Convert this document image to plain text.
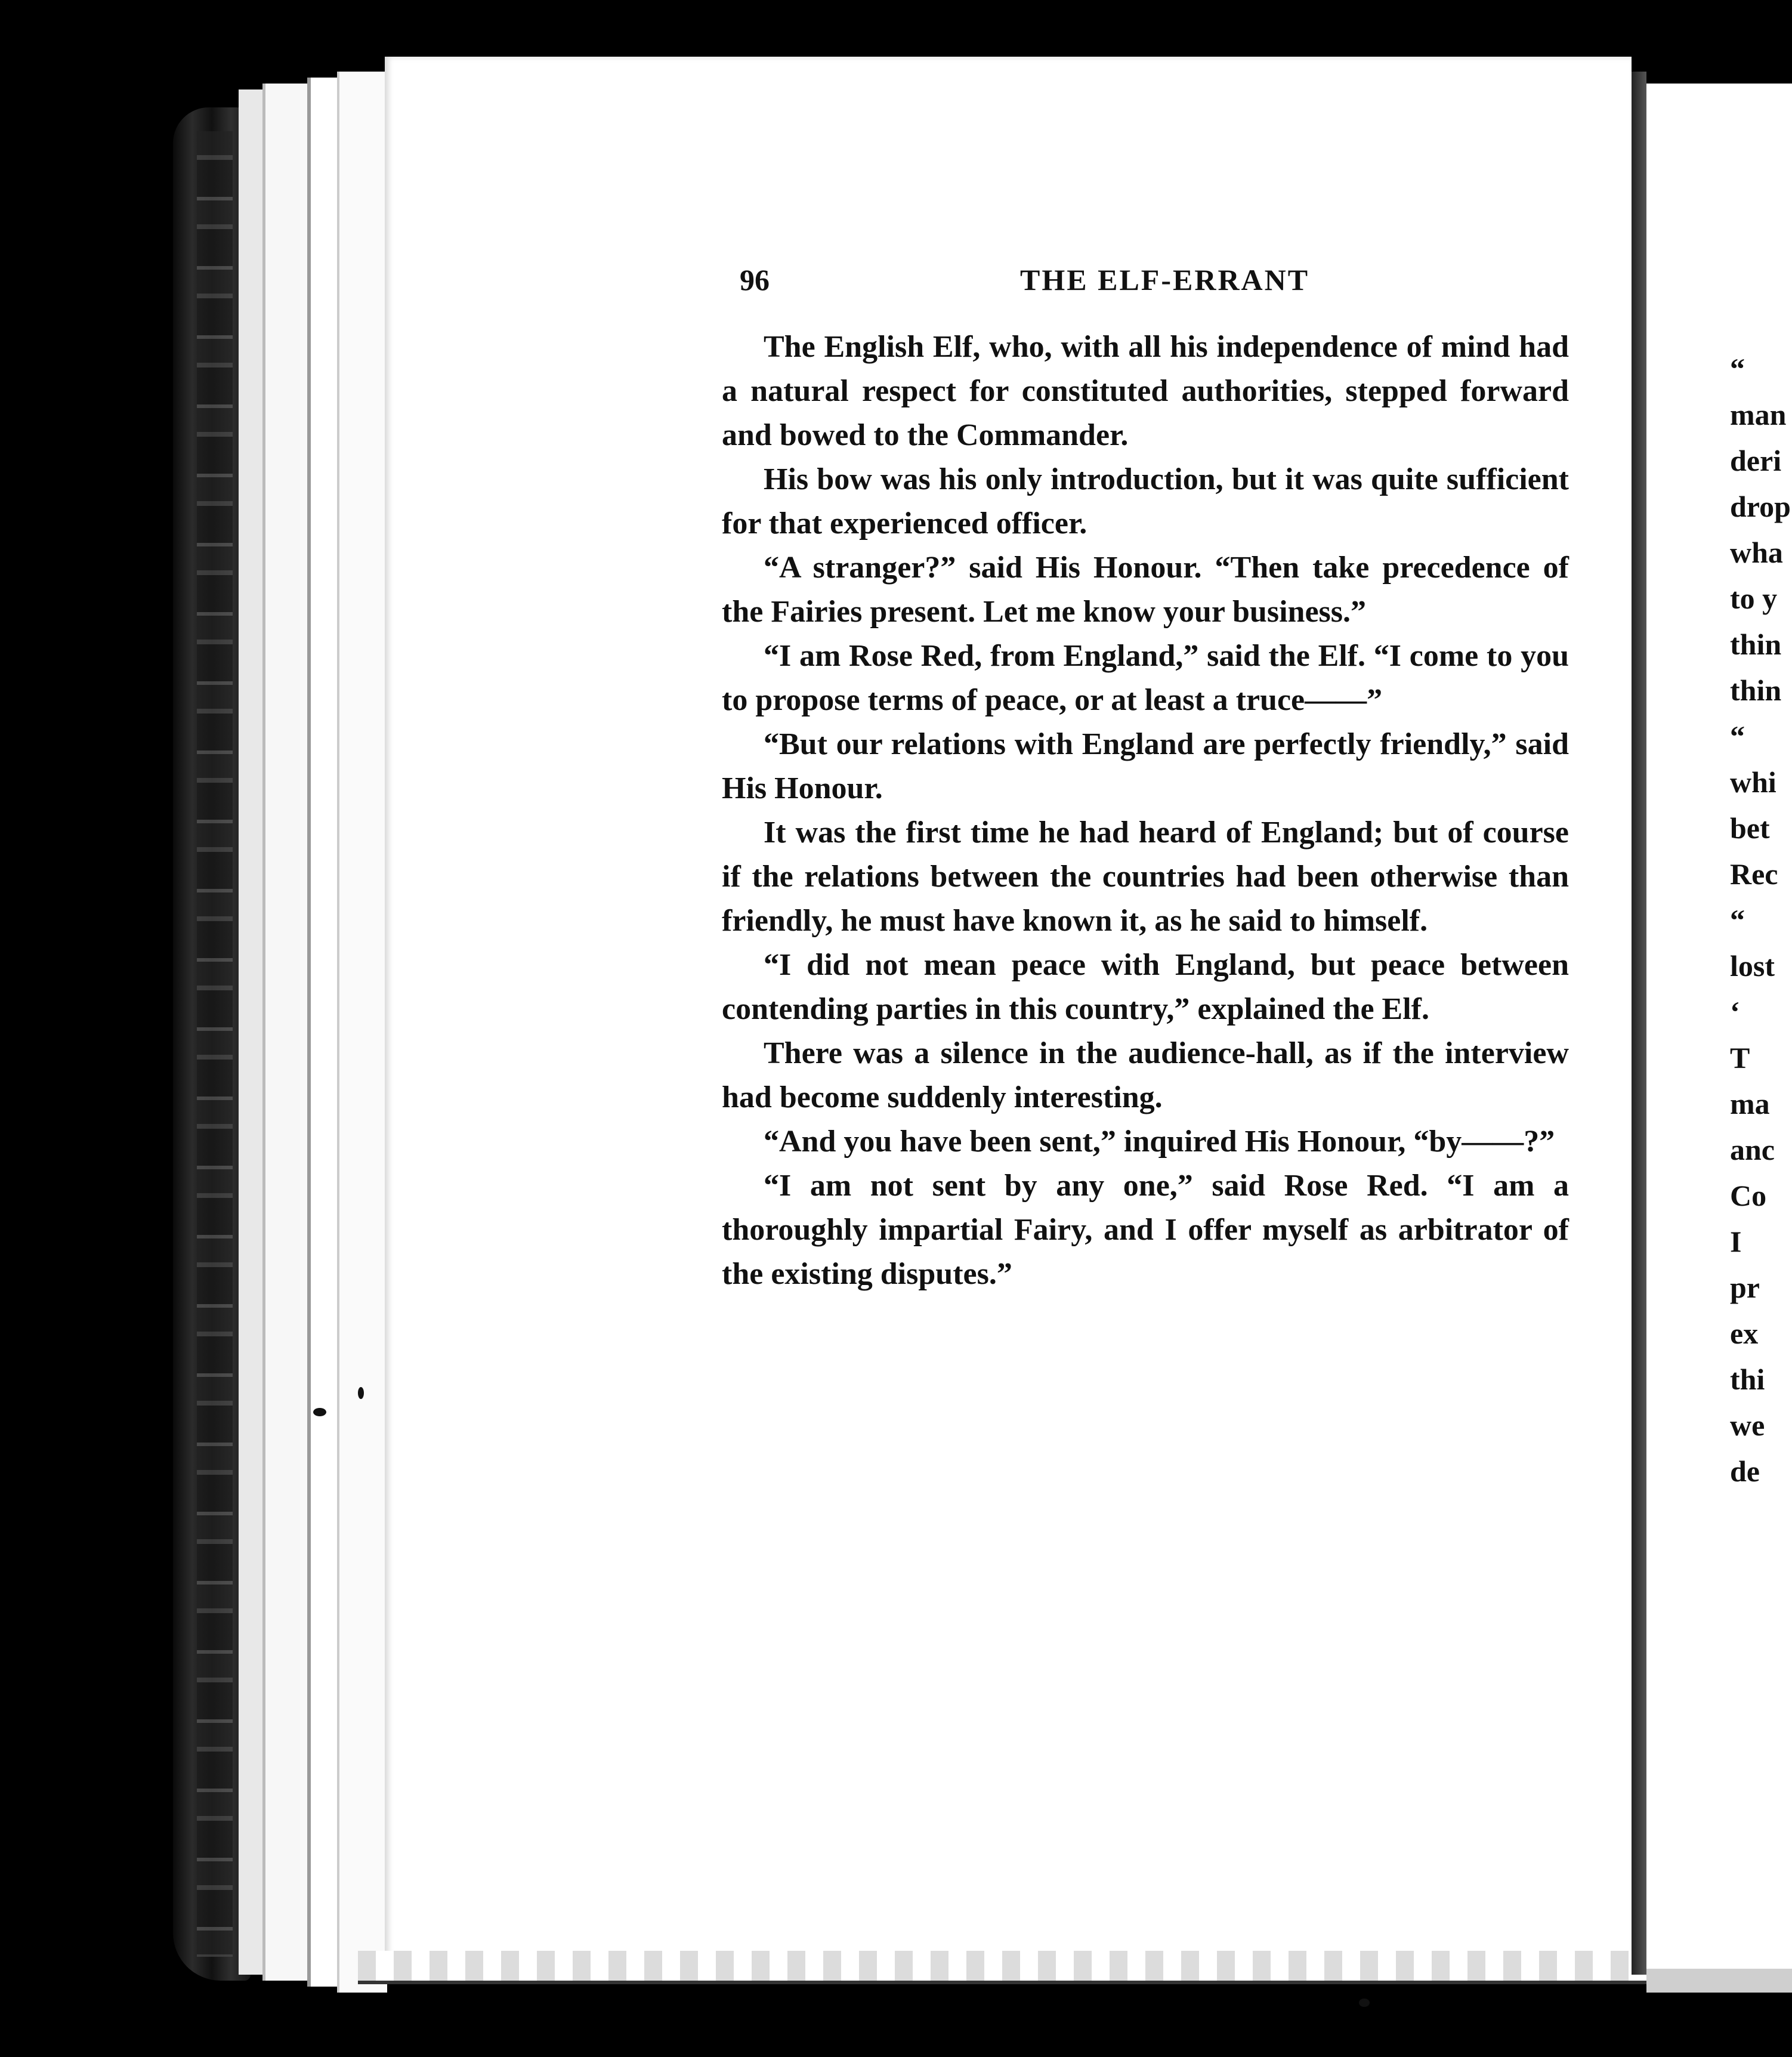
96	THE ELF-ERRANT

The English Elf, who, with all his independence of mind had a natural respect for constituted authorities, stepped forward and bowed to the Commander.

His bow was his only introduction, but it was quite sufficient for that experienced officer.

“A stranger?” said His Honour. “Then take precedence of the Fairies present. Let me know your business.”

“I am Rose Red, from England,” said the Elf. “I come to you to propose terms of peace, or at least a truce——”

“But our relations with England are perfectly friendly,” said His Honour.

It was the first time he had heard of England; but of course if the relations between the countries had been otherwise than friendly, he must have known it, as he said to himself.

“I did not mean peace with England, but peace between contending parties in this country,” explained the Elf.

There was a silence in the audience-hall, as if the interview had become suddenly interesting.

“And you have been sent,” inquired His Honour, “by——?”

“I am not sent by any one,” said Rose Red. “I am a thoroughly impartial Fairy, and I offer myself as arbitrator of the existing disputes.”

“
man
deri
drop
wha
to y
thin
thin
“
whi
bet
Rec
“
lost
‘
T
ma
anc
Co
I
pr
ex
thi
we
de
